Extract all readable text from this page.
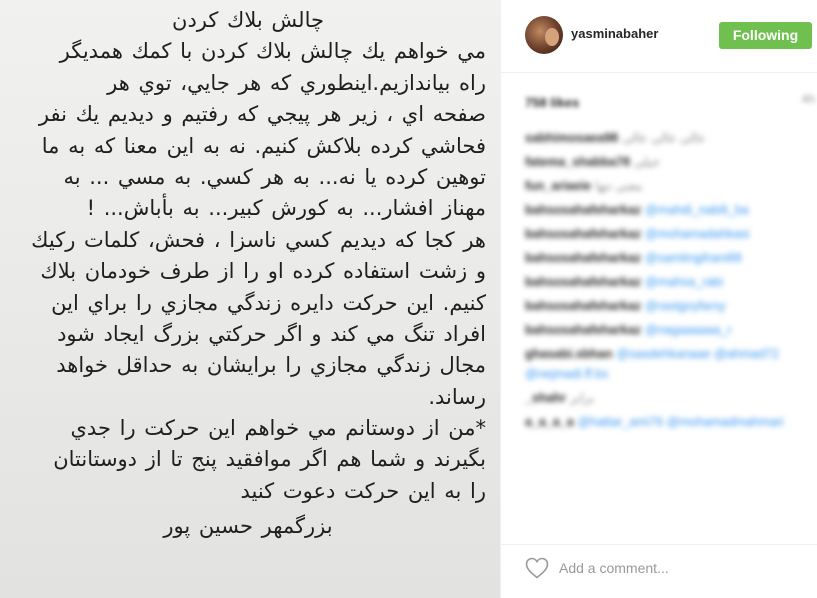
چالش بلاك كردن
مي خواهم يك چالش بلاك كردن با كمك همديگر
راه بياندازيم.اينطوري كه هر جايي، توي هر
صفحه اي ، زير هر پيجي كه رفتيم و ديديم يك نفر
فحاشي كرده بلاكش كنيم. نه به اين معنا كه به ما
توهين كرده يا نه... به هر كسي. به مسي ... به
مهناز افشار... به كورش كبير... به بأباش... !
هر كجا كه ديديم كسي ناسزا ، فحش، كلمات ركيك
و زشت استفاده كرده او را از طرف خودمان بلاك
كنيم. اين حركت دايره زندگي مجازي را براي اين
افراد تنگ مي كند و اگر حركتي بزرگ ايجاد شود
مجال زندگي مجازي را برايشان به حداقل خواهد
رساند.
*من از دوستانم مي خواهم اين حركت را جدي
بگيرند و شما هم اگر موافقيد پنج تا از دوستانتان
را به اين حركت دعوت كنيد
بزرگمهر حسين پور
yasminabaher	Following
758 likes	4h
sabhimosaea98 عالی عالی عالی
fatema_shabba78 خیلی
fun_ariaeie معنی تنها
bahsosahafeharkaz @mahdi_nabili_ba
bahsosahafeharkaz @mohamadahkasi
bahsosahafeharkaz @samtingihani88
bahsosahafeharkaz @mahsa_rabi
bahsosahafeharkaz @rastgoyfarsy
bahsosahafeharkaz @nagaaaaaa_r
ghasabi.sbhan @sasdehkanaae @ahmad72 @nejmadi.ff.bs
_shahr برابر
a_a_a_a @hattar_ami76 @mohamadmahmari
Add a comment...
